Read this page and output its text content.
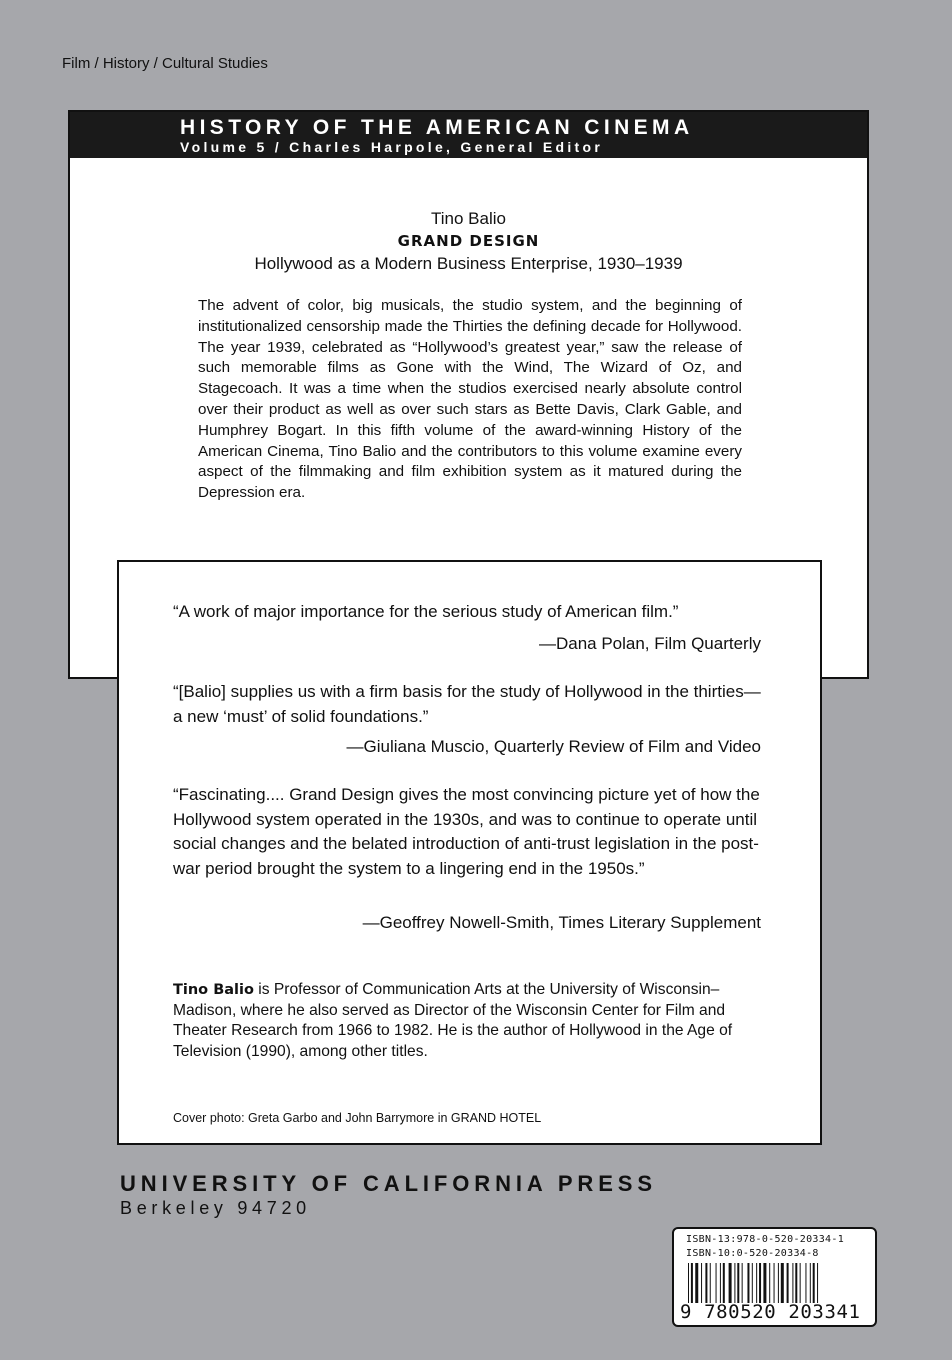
Film / History / Cultural Studies
HISTORY OF THE AMERICAN CINEMA
Volume 5 / Charles Harpole, General Editor
Tino Balio
GRAND DESIGN
Hollywood as a Modern Business Enterprise, 1930–1939

The advent of color, big musicals, the studio system, and the beginning of institutionalized censorship made the Thirties the defining decade for Hollywood. The year 1939, celebrated as “Hollywood’s greatest year,” saw the release of such memorable films as Gone with the Wind, The Wizard of Oz, and Stagecoach. It was a time when the studios exercised nearly absolute control over their product as well as over such stars as Bette Davis, Clark Gable, and Humphrey Bogart. In this fifth volume of the award-winning History of the American Cinema, Tino Balio and the contributors to this volume examine every aspect of the filmmaking and film exhibition system as it matured during the Depression era.

“A work of major importance for the serious study of American film.”

—Dana Polan, Film Quarterly

“[Balio] supplies us with a firm basis for the study of Hollywood in the thirties—a new ‘must’ of solid foundations.”

—Giuliana Muscio, Quarterly Review of Film and Video

“Fascinating.... Grand Design gives the most convincing picture yet of how the Hollywood system operated in the 1930s, and was to continue to operate until social changes and the belated introduction of anti-trust legislation in the post-war period brought the system to a lingering end in the 1950s.”

—Geoffrey Nowell-Smith, Times Literary Supplement

Tino Balio is Professor of Communication Arts at the University of Wisconsin–Madison, where he also served as Director of the Wisconsin Center for Film and Theater Research from 1966 to 1982. He is the author of Hollywood in the Age of Television (1990), among other titles.

Cover photo: Greta Garbo and John Barrymore in GRAND HOTEL
UNIVERSITY OF CALIFORNIA PRESS
Berkeley 94720
ISBN-13:978-0-520-20334-1
ISBN-10:0-520-20334-8
9 780520 203341
